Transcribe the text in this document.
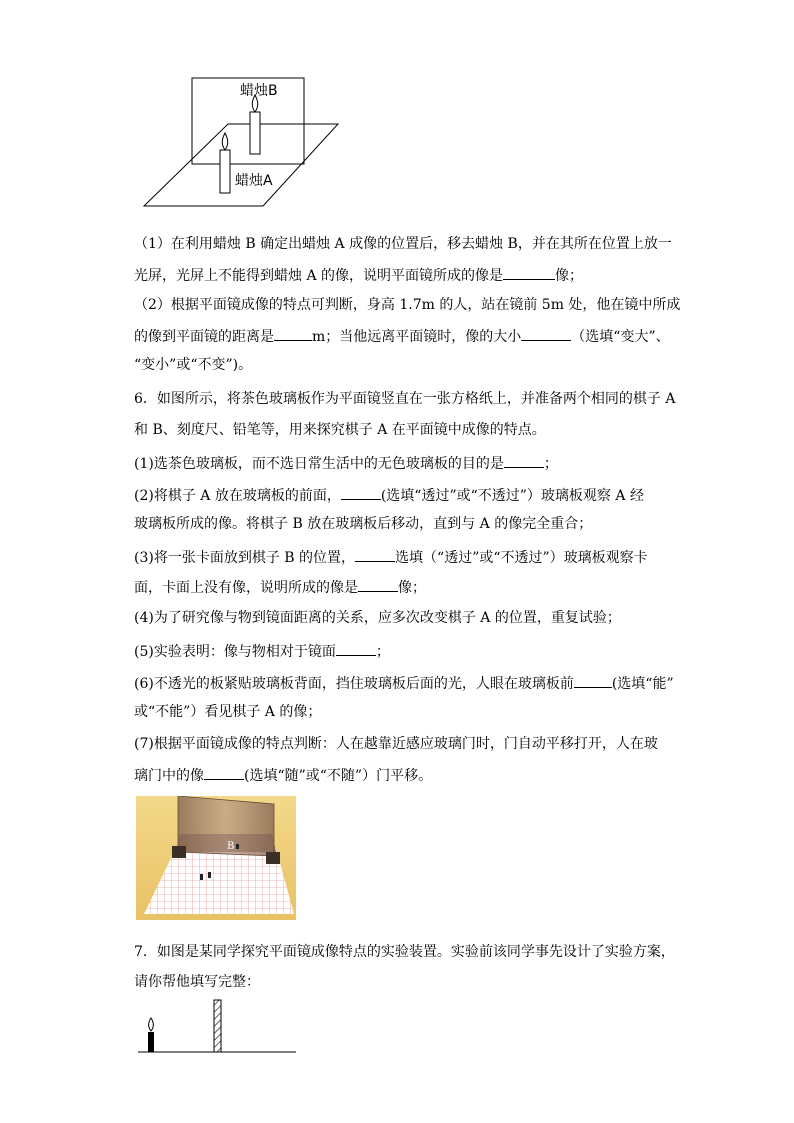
蜡烛B
蜡烛A
（1）在利用蜡烛 B 确定出蜡烛 A 成像的位置后，移去蜡烛 B，并在其所在位置上放一
光屏，光屏上不能得到蜡烛 A 的像，说明平面镜所成的像是	像；
（2）根据平面镜成像的特点可判断，身高 1.7m 的人，站在镜前 5m 处，他在镜中所成
的像到平面镜的距离是	m；当他远离平面镜时，像的大小	（选填“变大”、
“变小”或“不变”)。
6．如图所示，将茶色玻璃板作为平面镜竖直在一张方格纸上，并准备两个相同的棋子 A
和 B、刻度尺、铅笔等，用来探究棋子 A 在平面镜中成像的特点。
(1)选茶色玻璃板，而不选日常生活中的无色玻璃板的目的是	；
(2)将棋子 A 放在玻璃板的前面，	(选填“透过”或“不透过”）玻璃板观察 A 经
玻璃板所成的像。将棋子 B 放在玻璃板后移动，直到与 A 的像完全重合；
(3)将一张卡面放到棋子 B 的位置，	选填（“透过”或“不透过”）玻璃板观察卡
面，卡面上没有像，说明所成的像是	像；
(4)为了研究像与物到镜面距离的关系，应多次改变棋子 A 的位置，重复试验；
(5)实验表明：像与物相对于镜面	；
(6)不透光的板紧贴玻璃板背面，挡住玻璃板后面的光，人眼在玻璃板前	(选填“能”
或“不能”）看见棋子 A 的像；
(7)根据平面镜成像的特点判断：人在越靠近感应玻璃门时，门自动平移打开，人在玻
璃门中的像	(选填“随”或“不随”）门平移。
B
7．如图是某同学探究平面镜成像特点的实验装置。实验前该同学事先设计了实验方案，
请你帮他填写完整：
